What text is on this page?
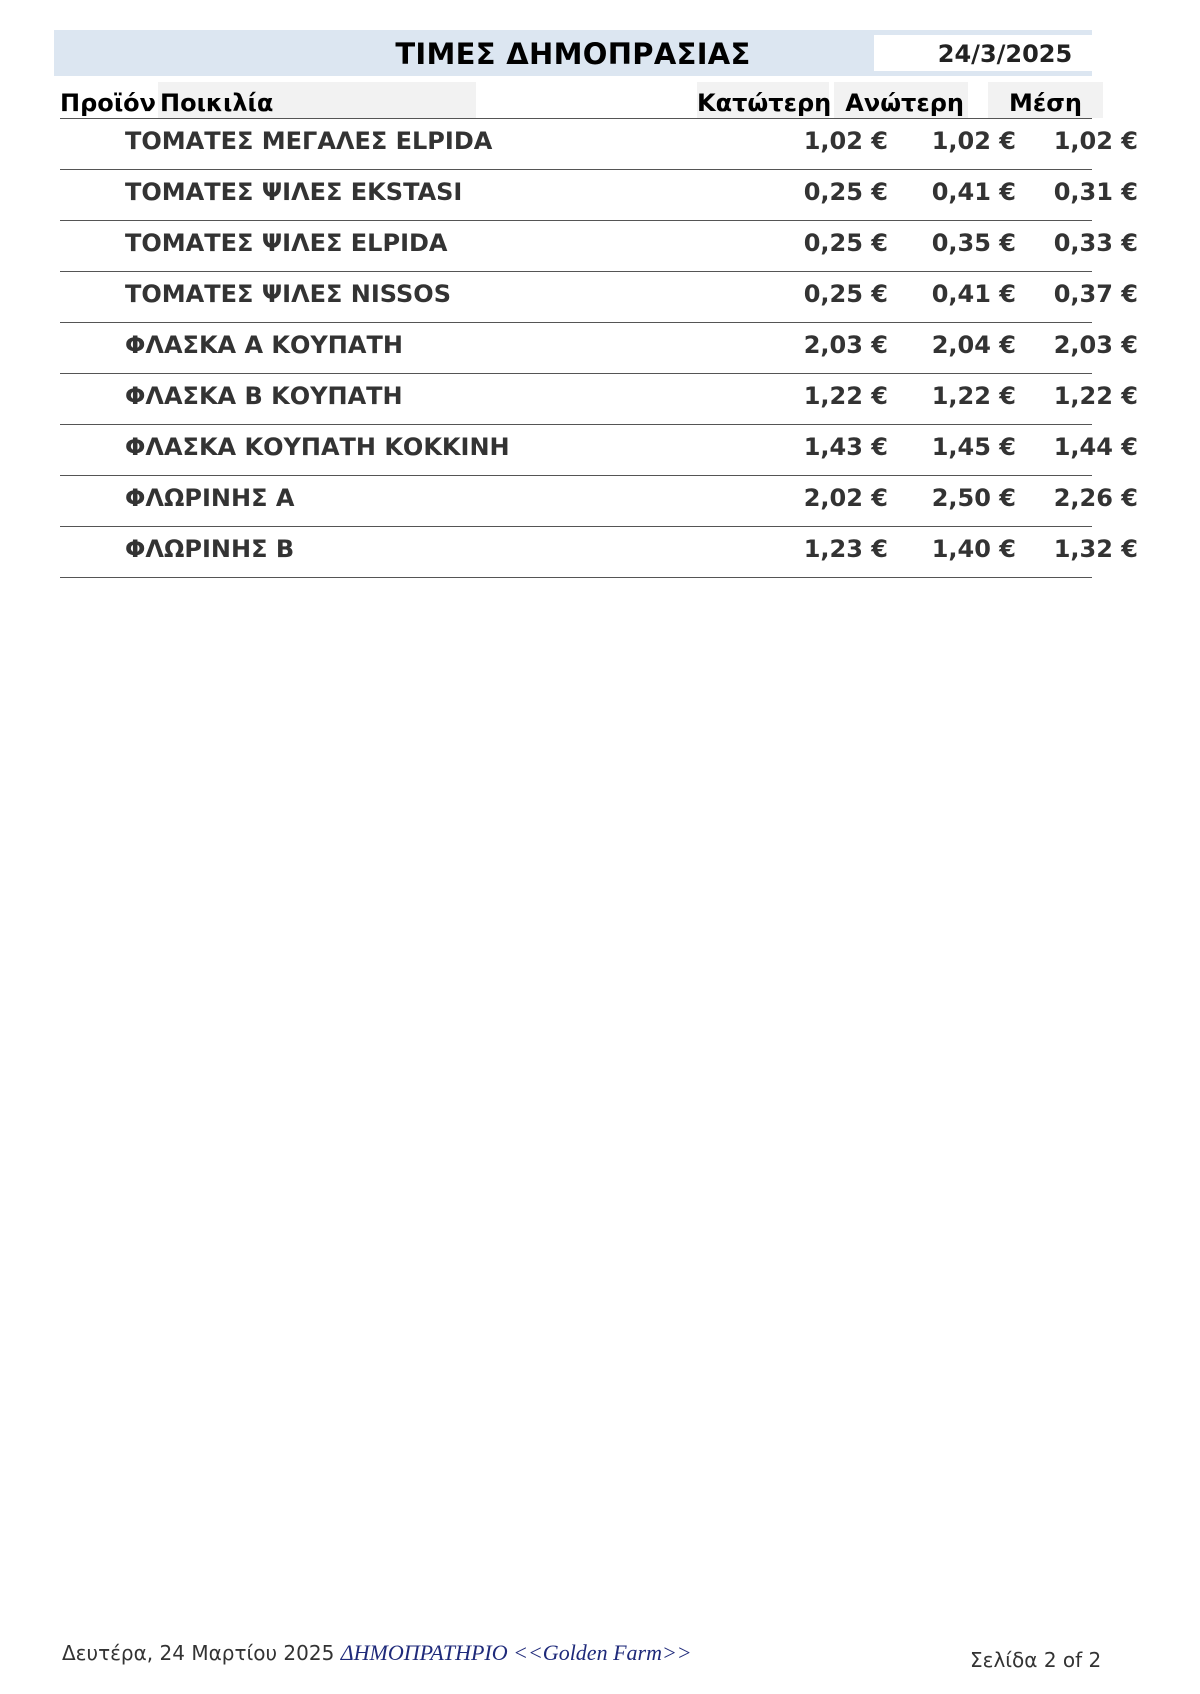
ΤΙΜΕΣ ΔΗΜΟΠΡΑΣΙΑΣ	24/3/2025
Προϊόν Ποικιλία	Κατώτερη Ανώτερη	Μέση
ΤΟΜΑΤΕΣ ΜΕΓΑΛΕΣ ELPIDA	1,02 €	1,02 €	1,02 €
ΤΟΜΑΤΕΣ ΨΙΛΕΣ EKSTASI	0,25 €	0,41 €	0,31 €
ΤΟΜΑΤΕΣ ΨΙΛΕΣ ELPIDA	0,25 €	0,35 €	0,33 €
ΤΟΜΑΤΕΣ ΨΙΛΕΣ NISSOS	0,25 €	0,41 €	0,37 €
ΦΛΑΣΚΑ Α ΚΟΥΠΑΤΗ	2,03 €	2,04 €	2,03 €
ΦΛΑΣΚΑ Β ΚΟΥΠΑΤΗ	1,22 €	1,22 €	1,22 €
ΦΛΑΣΚΑ ΚΟΥΠΑΤΗ ΚΟΚΚΙΝΗ	1,43 €	1,45 €	1,44 €
ΦΛΩΡΙΝΗΣ Α	2,02 €	2,50 €	2,26 €
ΦΛΩΡΙΝΗΣ Β	1,23 €	1,40 €	1,32 €
Δευτέρα, 24 Μαρτίου 2025 ΔΗΜΟΠΡΑΤΗΡΙΟ <<Golden Farm>>	Σελίδα 2 of 2
